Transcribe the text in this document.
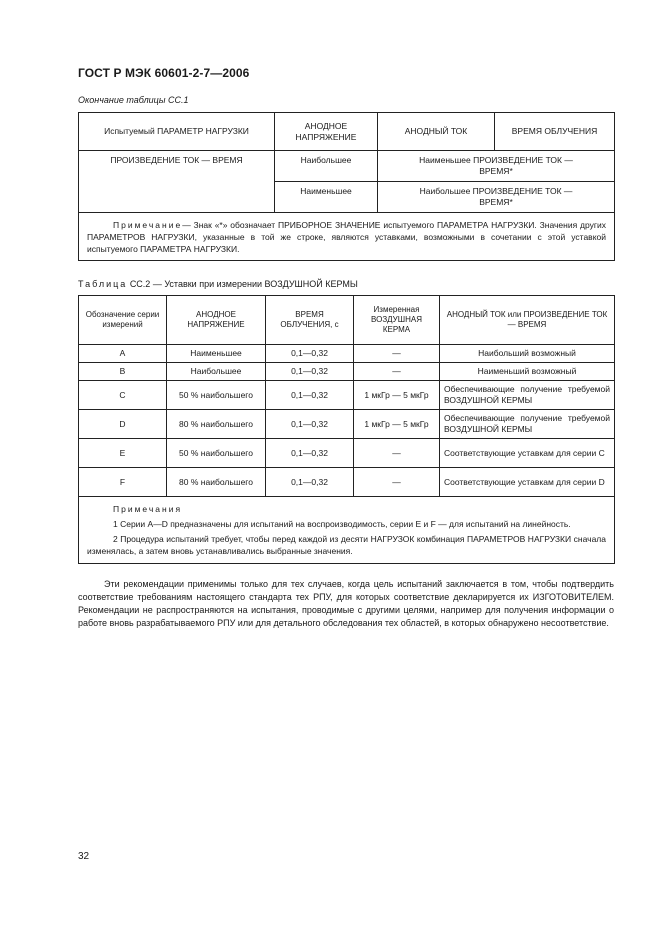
ГОСТ Р МЭК 60601-2-7—2006
Окончание таблицы СС.1
Испытуемый ПАРАМЕТР НАГРУЗКИ	АНОДНОЕ НАПРЯЖЕНИЕ	АНОДНЫЙ ТОК	ВРЕМЯ ОБЛУЧЕНИЯ
ПРОИЗВЕДЕНИЕ ТОК — ВРЕМЯ	Наибольшее	Наименьшее ПРОИЗВЕДЕНИЕ ТОК — ВРЕМЯ*	
	Наименьшее	Наибольшее ПРОИЗВЕДЕНИЕ ТОК — ВРЕМЯ*	
Примечание— Знак «*» обозначает ПРИБОРНОЕ ЗНАЧЕНИЕ испытуемого ПАРАМЕТРА НАГРУЗКИ. Значения других ПАРАМЕТРОВ НАГРУЗКИ, указанные в той же строке, являются уставками, возможными в сочетании с этой уставкой испытуемого ПАРАМЕТРА НАГРУЗКИ.			
Таблица СС.2 — Уставки при измерении ВОЗДУШНОЙ КЕРМЫ
Обозначение серии измерений	АНОДНОЕ НАПРЯЖЕНИЕ	ВРЕМЯ ОБЛУЧЕНИЯ, с	Измеренная ВОЗДУШНАЯ КЕРМА	АНОДНЫЙ ТОК или ПРОИЗВЕДЕНИЕ ТОК — ВРЕМЯ
A	Наименьшее	0,1—0,32	—	Наибольший возможный
B	Наибольшее	0,1—0,32	—	Наименьший возможный
C	50 % наибольшего	0,1—0,32	1 мкГр — 5 мкГр	Обеспечивающие получение требуемой ВОЗДУШНОЙ КЕРМЫ
D	80 % наибольшего	0,1—0,32	1 мкГр — 5 мкГр	Обеспечивающие получение требуемой ВОЗДУШНОЙ КЕРМЫ
E	50 % наибольшего	0,1—0,32	—	Соответствующие уставкам для серии C
F	80 % наибольшего	0,1—0,32	—	Соответствующие уставкам для серии D

Примечания

1 Серии A—D предназначены для испытаний на воспроизводимость, серии E и F — для испытаний на линейность.

2 Процедура испытаний требует, чтобы перед каждой из десяти НАГРУЗОК комбинация ПАРАМЕТРОВ НАГРУЗКИ сначала изменялась, а затем вновь устанавливались выбранные значения.				

Эти рекомендации применимы только для тех случаев, когда цель испытаний заключается в том, чтобы подтвердить соответствие требованиям настоящего стандарта тех РПУ, для которых соответствие декларируется их ИЗГОТОВИТЕЛЕМ. Рекомендации не распространяются на испытания, проводимые с другими целями, например для получения информации о работе вновь разрабатываемого РПУ или для детального обследования тех областей, в которых обнаружено несоответствие.
32
